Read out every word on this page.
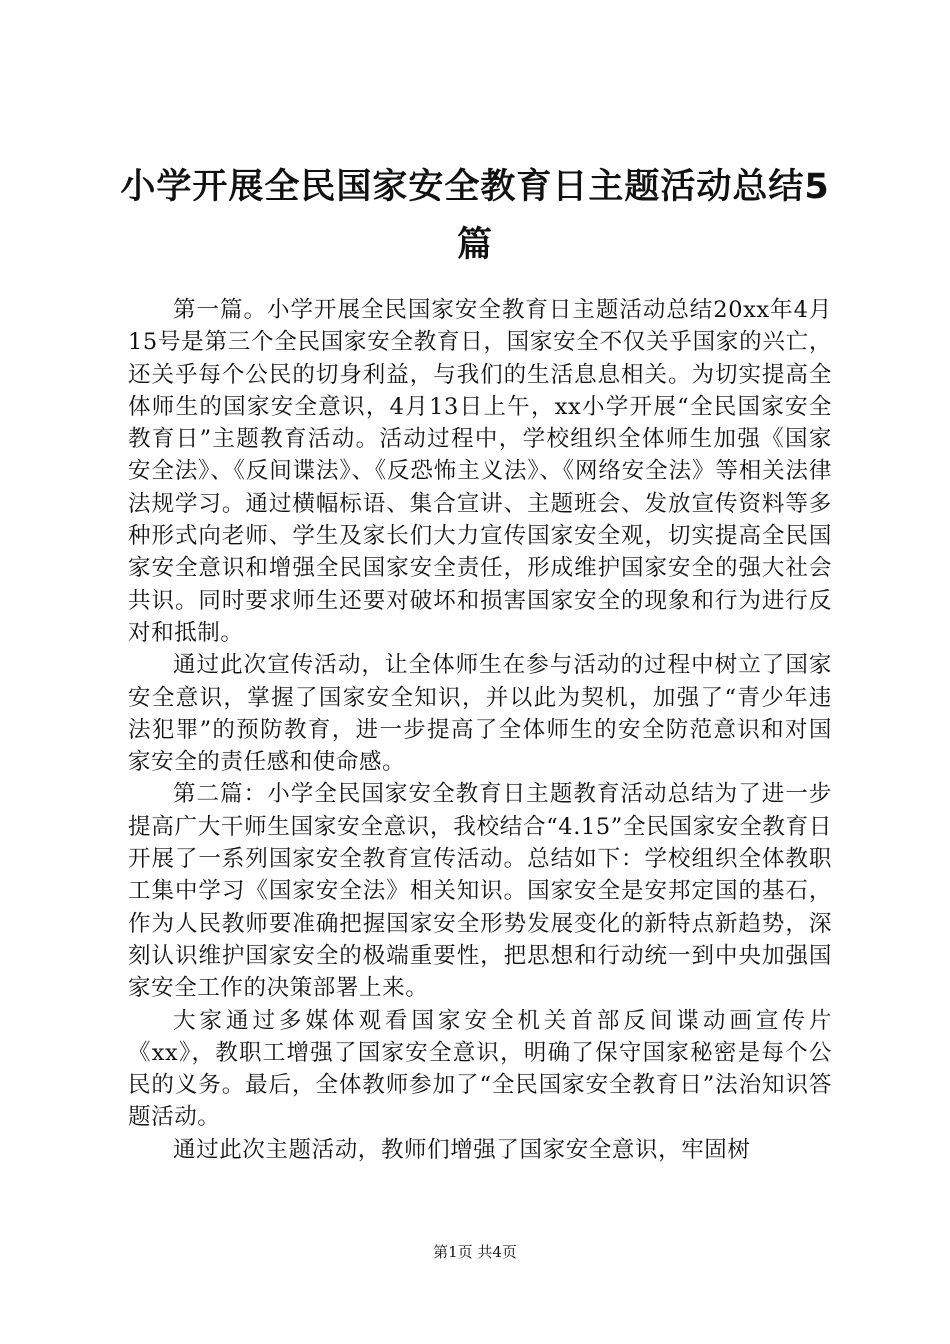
小学开展全民国家安全教育日主题活动总结5篇

第一篇。小学开展全民国家安全教育日主题活动总结20xx年4月15号是第三个全民国家安全教育日，国家安全不仅关乎国家的兴亡，还关乎每个公民的切身利益，与我们的生活息息相关。为切实提高全体师生的国家安全意识，4月13日上午，xx小学开展“全民国家安全教育日”主题教育活动。活动过程中，学校组织全体师生加强《国家安全法》、《反间谍法》、《反恐怖主义法》、《网络安全法》等相关法律法规学习。通过横幅标语、集合宣讲、主题班会、发放宣传资料等多种形式向老师、学生及家长们大力宣传国家安全观，切实提高全民国家安全意识和增强全民国家安全责任，形成维护国家安全的强大社会共识。同时要求师生还要对破坏和损害国家安全的现象和行为进行反对和抵制。

通过此次宣传活动，让全体师生在参与活动的过程中树立了国家安全意识，掌握了国家安全知识，并以此为契机，加强了“青少年违法犯罪”的预防教育，进一步提高了全体师生的安全防范意识和对国家安全的责任感和使命感。

第二篇：小学全民国家安全教育日主题教育活动总结为了进一步提高广大干师生国家安全意识，我校结合“4.15”全民国家安全教育日开展了一系列国家安全教育宣传活动。总结如下：学校组织全体教职工集中学习《国家安全法》相关知识。国家安全是安邦定国的基石，作为人民教师要准确把握国家安全形势发展变化的新特点新趋势，深刻认识维护国家安全的极端重要性，把思想和行动统一到中央加强国家安全工作的决策部署上来。

大家通过多媒体观看国家安全机关首部反间谍动画宣传片《xx》，教职工增强了国家安全意识，明确了保守国家秘密是每个公民的义务。最后，全体教师参加了“全民国家安全教育日”法治知识答题活动。

通过此次主题活动，教师们增强了国家安全意识，牢固树

第1页 共4页
